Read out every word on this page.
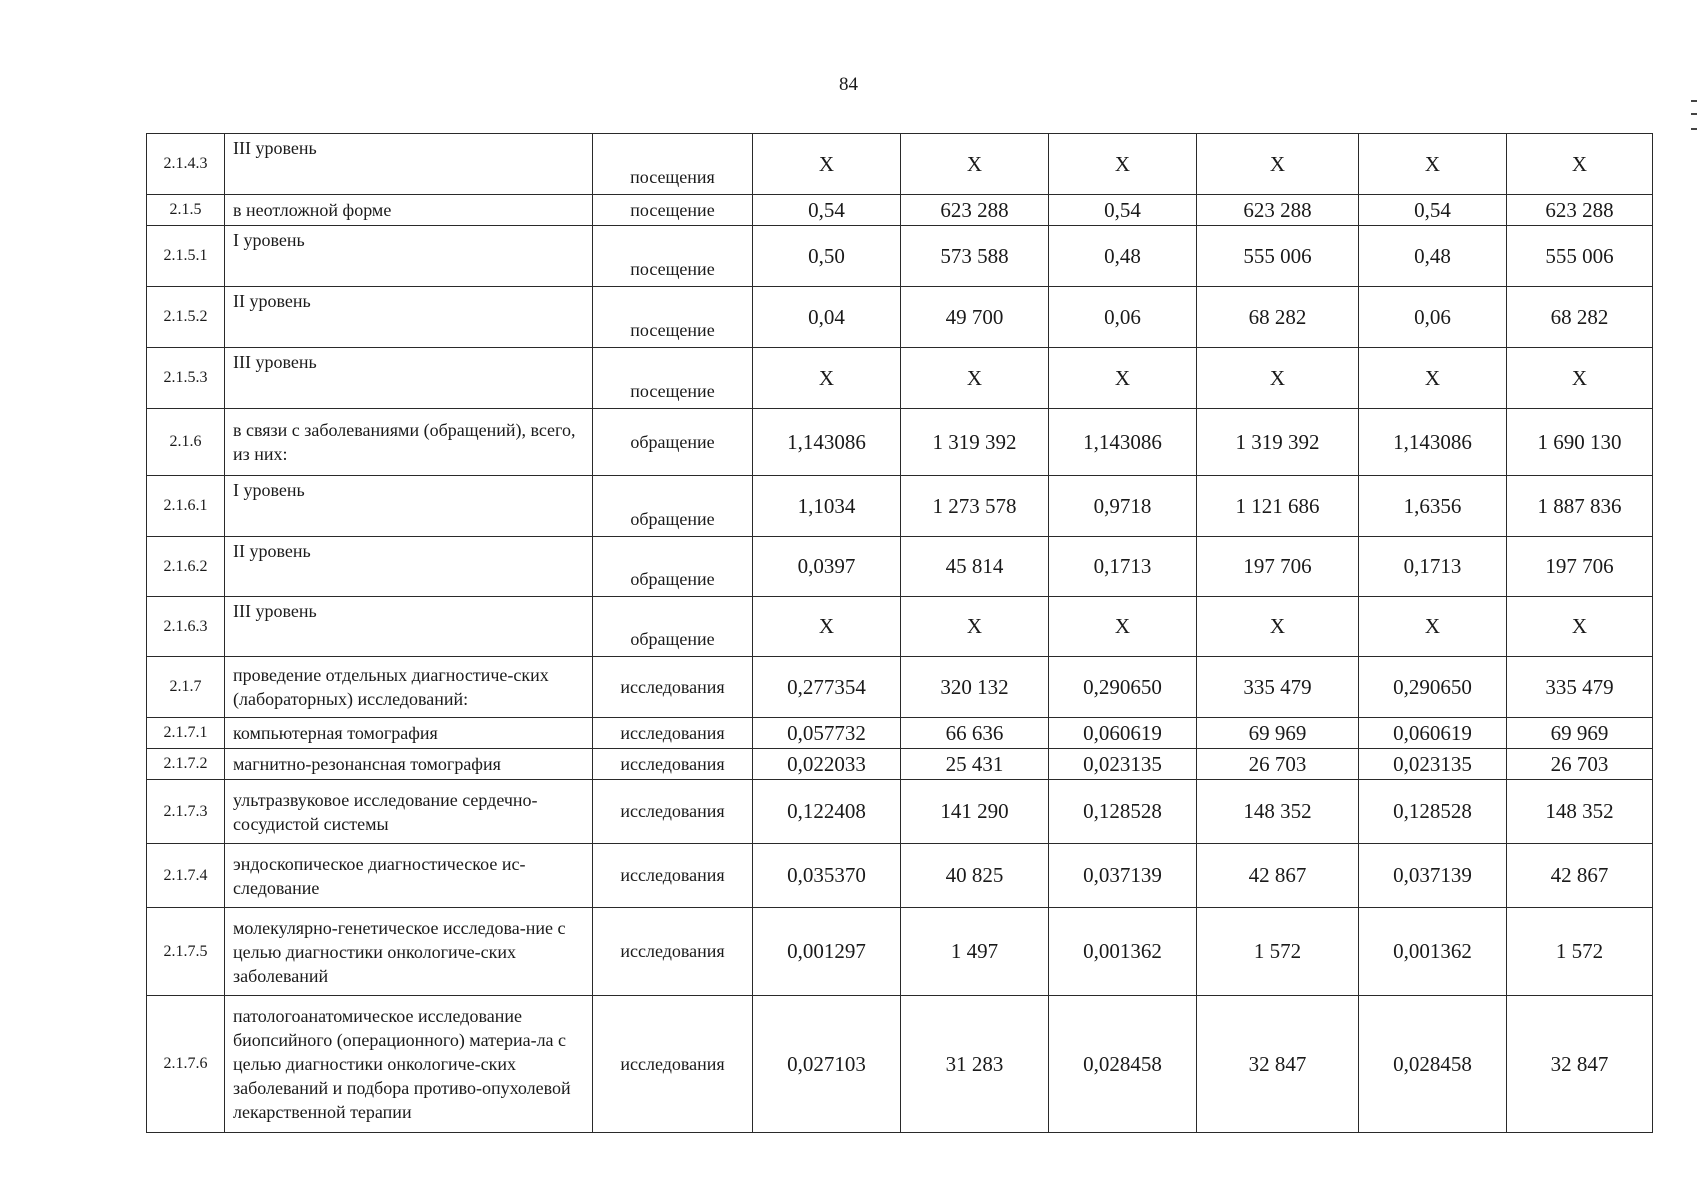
84
2.1.4.3	III уровень	посещения	Х	Х	Х	Х	Х	Х
2.1.5	в неотложной форме	посещение	0,54	623 288	0,54	623 288	0,54	623 288
2.1.5.1	I уровень	посещение	0,50	573 588	0,48	555 006	0,48	555 006
2.1.5.2	II уровень	посещение	0,04	49 700	0,06	68 282	0,06	68 282
2.1.5.3	III уровень	посещение	Х	Х	Х	Х	Х	Х
2.1.6	в связи с заболеваниями (обращений), всего, из них:	обращение	1,143086	1 319 392	1,143086	1 319 392	1,143086	1 690 130
2.1.6.1	I уровень	обращение	1,1034	1 273 578	0,9718	1 121 686	1,6356	1 887 836
2.1.6.2	II уровень	обращение	0,0397	45 814	0,1713	197 706	0,1713	197 706
2.1.6.3	III уровень	обращение	Х	Х	Х	Х	Х	Х
2.1.7	проведение отдельных диагностиче-ских (лабораторных) исследований:	исследования	0,277354	320 132	0,290650	335 479	0,290650	335 479
2.1.7.1	компьютерная томография	исследования	0,057732	66 636	0,060619	69 969	0,060619	69 969
2.1.7.2	магнитно-резонансная томография	исследования	0,022033	25 431	0,023135	26 703	0,023135	26 703
2.1.7.3	ультразвуковое исследование сердечно-сосудистой системы	исследования	0,122408	141 290	0,128528	148 352	0,128528	148 352
2.1.7.4	эндоскопическое диагностическое ис-следование	исследования	0,035370	40 825	0,037139	42 867	0,037139	42 867
2.1.7.5	молекулярно-генетическое исследова-ние с целью диагностики онкологиче-ских заболеваний	исследования	0,001297	1 497	0,001362	1 572	0,001362	1 572
2.1.7.6	патологоанатомическое исследование биопсийного (операционного) материа-ла с целью диагностики онкологиче-ских заболеваний и подбора противо-опухолевой лекарственной терапии	исследования	0,027103	31 283	0,028458	32 847	0,028458	32 847
